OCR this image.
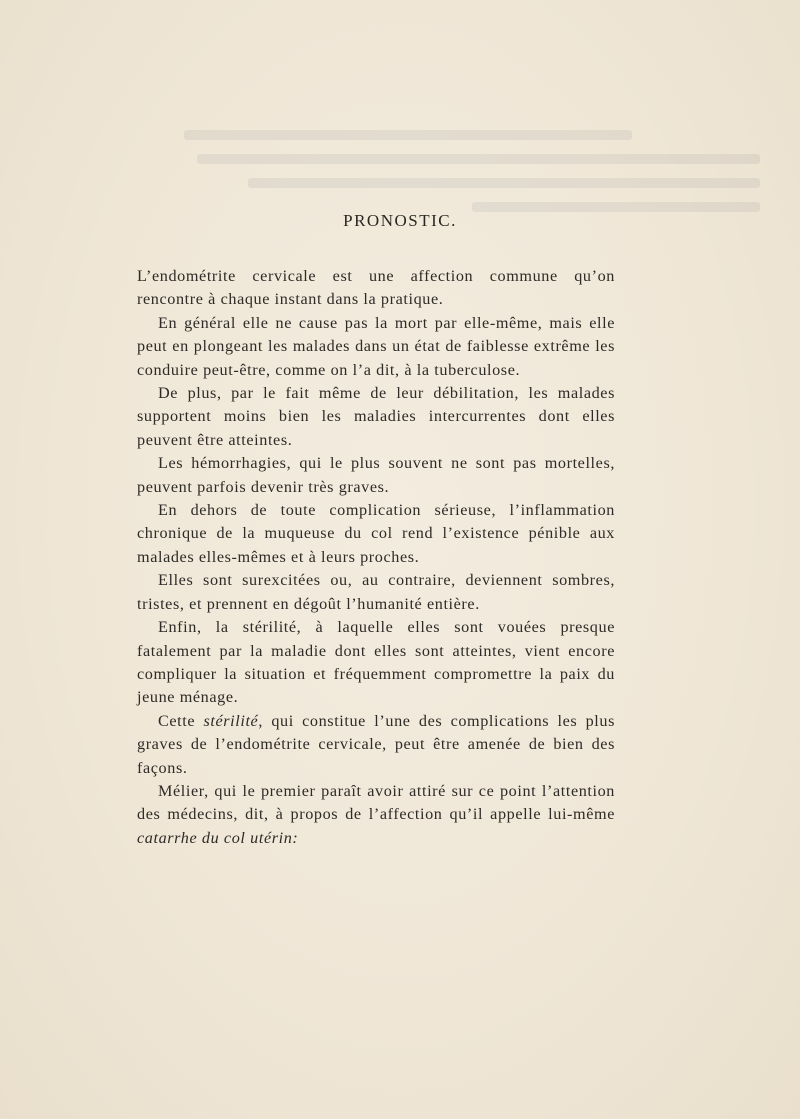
PRONOSTIC.

L’endométrite cervicale est une affection commune qu’on rencontre à chaque instant dans la pratique.

En général elle ne cause pas la mort par elle-même, mais elle peut en plongeant les malades dans un état de faiblesse extrême les conduire peut-être, comme on l’a dit, à la tuberculose.

De plus, par le fait même de leur débilitation, les malades supportent moins bien les maladies intercurrentes dont elles peuvent être atteintes.

Les hémorrhagies, qui le plus souvent ne sont pas mortelles, peuvent parfois devenir très graves.

En dehors de toute complication sérieuse, l’inflammation chronique de la muqueuse du col rend l’existence pénible aux malades elles-mêmes et à leurs proches.

Elles sont surexcitées ou, au contraire, deviennent sombres, tristes, et prennent en dégoût l’humanité entière.

Enfin, la stérilité, à laquelle elles sont vouées presque fatalement par la maladie dont elles sont atteintes, vient encore compliquer la situation et fréquemment compromettre la paix du jeune ménage.

Cette stérilité, qui constitue l’une des complications les plus graves de l’endométrite cervicale, peut être amenée de bien des façons.

Mélier, qui le premier paraît avoir attiré sur ce point l’attention des médecins, dit, à propos de l’affection qu’il appelle lui-même catarrhe du col utérin:
